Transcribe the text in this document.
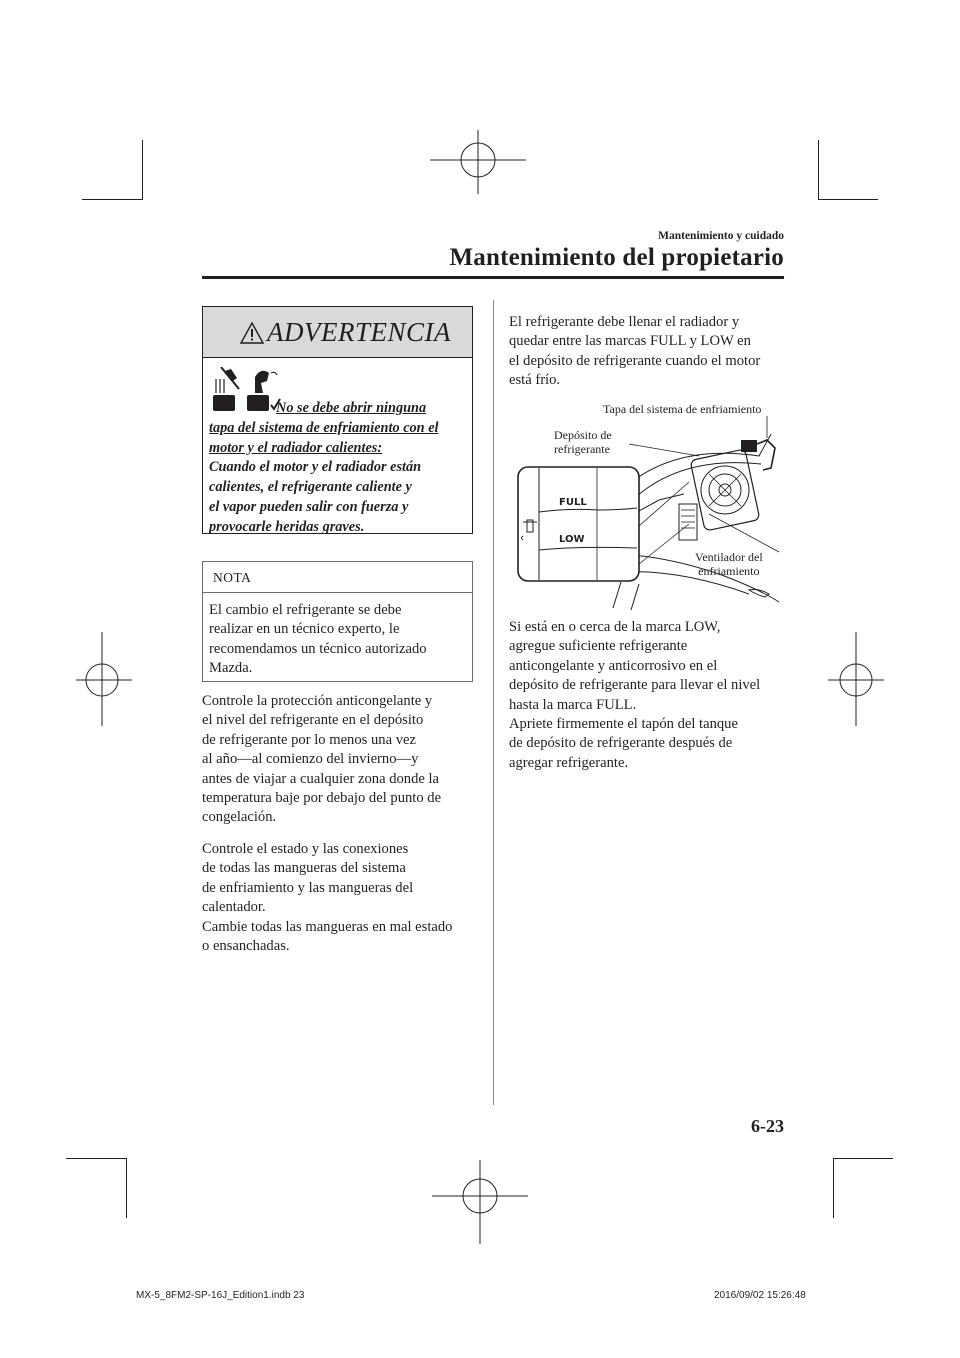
Mantenimiento y cuidado
Mantenimiento del propietario
ADVERTENCIA
No se debe abrir ninguna
tapa del sistema de enfriamiento con el
motor y el radiador calientes:
Cuando el motor y el radiador están
calientes, el refrigerante caliente y
el vapor pueden salir con fuerza y
provocarle heridas graves.
NOTA
El cambio el refrigerante se debe
realizar en un técnico experto, le
recomendamos un técnico autorizado
Mazda.
Controle la protección anticongelante y
el nivel del refrigerante en el depósito
de refrigerante por lo menos una vez
al año—al comienzo del invierno—y
antes de viajar a cualquier zona donde la
temperatura baje por debajo del punto de
congelación.
Controle el estado y las conexiones
de todas las mangueras del sistema
de enfriamiento y las mangueras del
calentador.
Cambie todas las mangueras en mal estado
o ensanchadas.
El refrigerante debe llenar el radiador y
quedar entre las marcas FULL y LOW en
el depósito de refrigerante cuando el motor
está frío.
FULL
LOW
Tapa del sistema de enfriamiento
Depósito de
refrigerante
Ventilador del
enfriamiento
Si está en o cerca de la marca LOW,
agregue suficiente refrigerante
anticongelante y anticorrosivo en el
depósito de refrigerante para llevar el nivel
hasta la marca FULL.
Apriete firmemente el tapón del tanque
de depósito de refrigerante después de
agregar refrigerante.
6-23
MX-5_8FM2-SP-16J_Edition1.indb 23	2016/09/02 15:26:48
